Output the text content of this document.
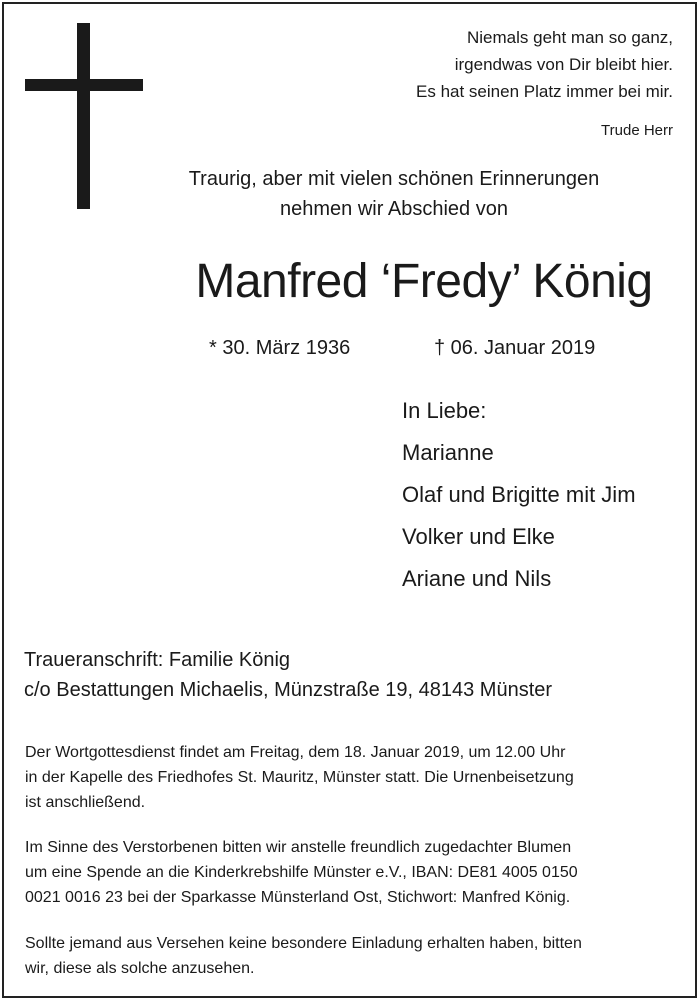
Niemals geht man so ganz,
irgendwas von Dir bleibt hier.
Es hat seinen Platz immer bei mir.
Trude Herr
Traurig, aber mit vielen schönen Erinnerungen
nehmen wir Abschied von
Manfred ‘Fredy’ König
* 30. März 1936	† 06. Januar 2019
In Liebe:
Marianne
Olaf und Brigitte mit Jim
Volker und Elke
Ariane und Nils
Traueranschrift: Familie König
c/o Bestattungen Michaelis, Münzstraße 19, 48143 Münster
Der Wortgottesdienst findet am Freitag, dem 18. Januar 2019, um 12.00 Uhr
in der Kapelle des Friedhofes St. Mauritz, Münster statt. Die Urnenbeisetzung
ist anschließend.
Im Sinne des Verstorbenen bitten wir anstelle freundlich zugedachter Blumen
um eine Spende an die Kinderkrebshilfe Münster e.V., IBAN: DE81 4005 0150
0021 0016 23 bei der Sparkasse Münsterland Ost, Stichwort: Manfred König.
Sollte jemand aus Versehen keine besondere Einladung erhalten haben, bitten
wir, diese als solche anzusehen.
